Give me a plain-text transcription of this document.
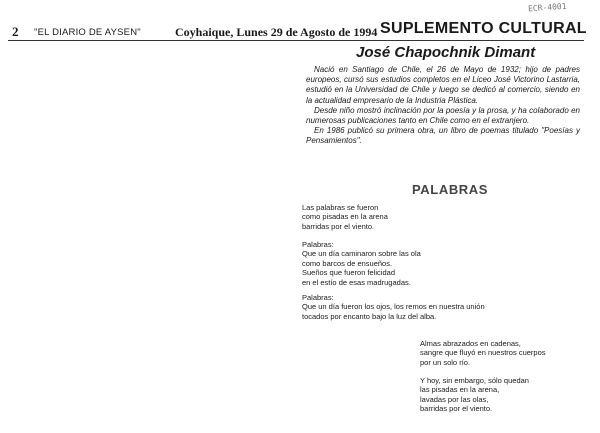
ECR-4001
2 "EL DIARIO DE AYSEN"	Coyhaique, Lunes 29 de Agosto de 1994 SUPLEMENTO CULTURAL
José Chapochnik Dimant

Nació en Santiago de Chile, el 26 de Mayo de 1932; hijo de padres europeos, cursó sus estudios completos en el Liceo José Victorino Lastarria, estudió en la Universidad de Chile y luego se dedicó al comercio, siendo en la actualidad empresario de la Industria Plástica.

Desde niño mostró inclinación por la poesía y la prosa, y ha colaborado en numerosas publicaciones tanto en Chile como en el extranjero.

En 1986 publicó su primera obra, un libro de poemas titulado "Poesías y Pensamientos".

PALABRAS
Las palabras se fueron
como pisadas en la arena
barridas por el viento.
Palabras:
Que un día caminaron sobre las ola
como barcos de ensueños.
Sueños que fueron felicidad
en el estío de esas madrugadas.
Palabras:
Que un día fueron los ojos, los remos en nuestra unión
tocados por encanto bajo la luz del alba.
Almas abrazados en cadenas,
sangre que fluyó en nuestros cuerpos
por un solo río.
Y hoy, sin embargo, sólo quedan
las pisadas en la arena,
lavadas por las olas,
barridas por el viento.
